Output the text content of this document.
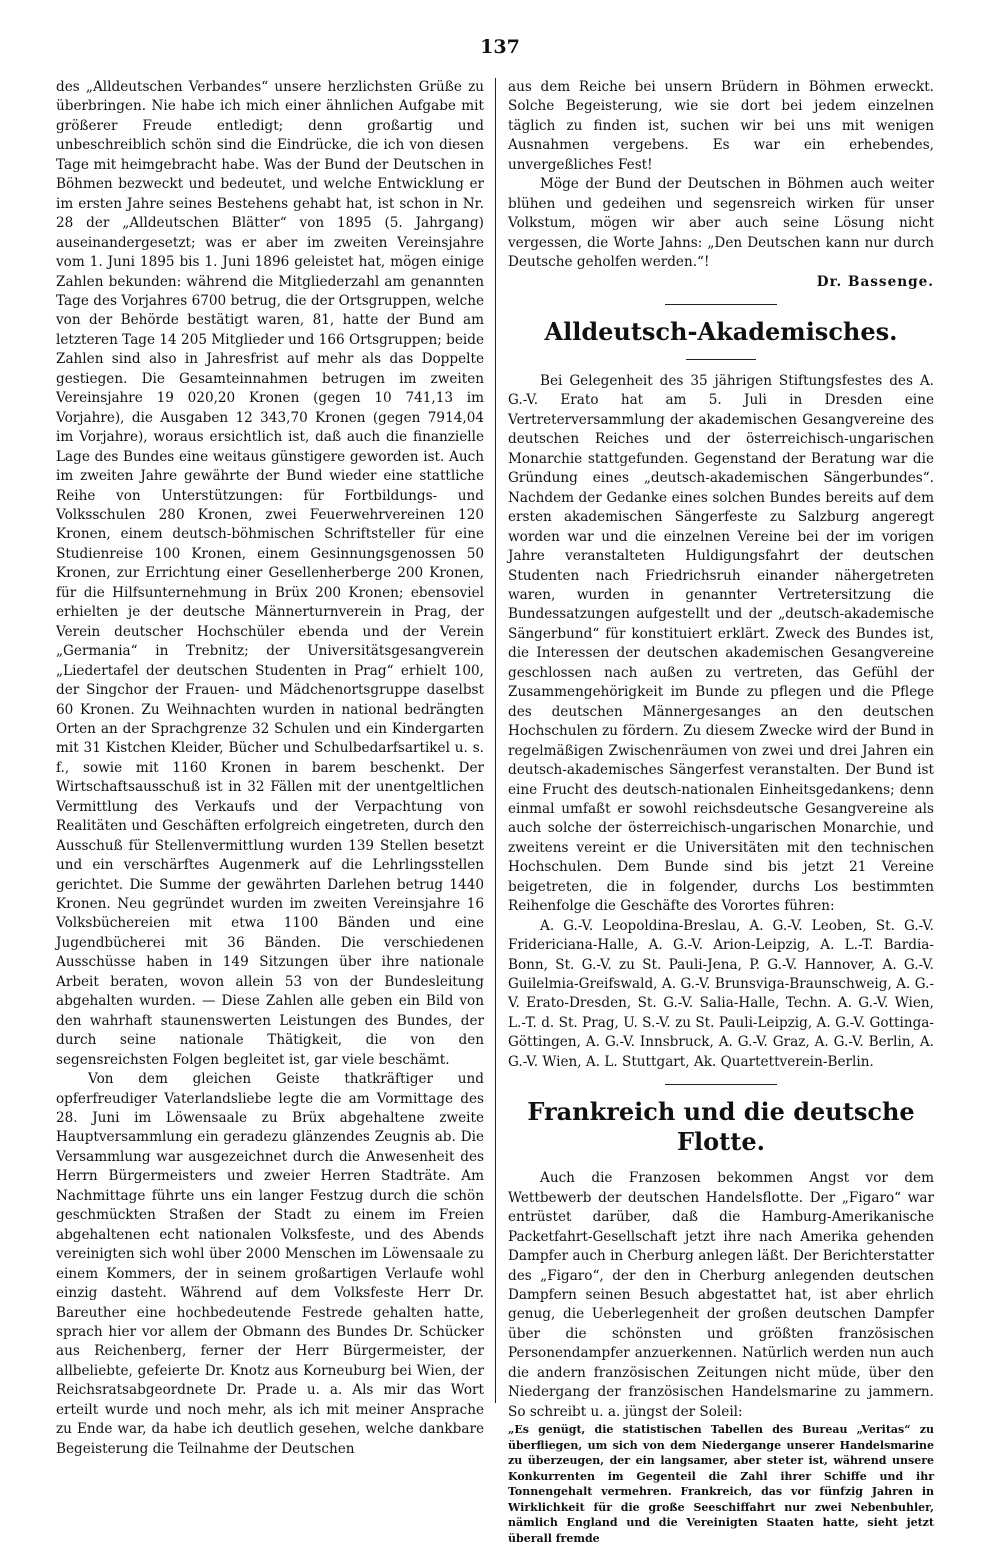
137

des „Alldeutschen Verbandes“ unsere herzlichsten Grüße zu überbringen. Nie habe ich mich einer ähnlichen Aufgabe mit größerer Freude entledigt; denn großartig und unbeschreiblich schön sind die Eindrücke, die ich von diesen Tage mit heimgebracht habe. Was der Bund der Deutschen in Böhmen bezweckt und bedeutet, und welche Entwicklung er im ersten Jahre seines Bestehens gehabt hat, ist schon in Nr. 28 der „Alldeutschen Blätter“ von 1895 (5. Jahrgang) auseinandergesetzt; was er aber im zweiten Vereinsjahre vom 1. Juni 1895 bis 1. Juni 1896 geleistet hat, mögen einige Zahlen bekunden: während die Mitgliederzahl am genannten Tage des Vorjahres 6700 betrug, die der Ortsgruppen, welche von der Behörde bestätigt waren, 81, hatte der Bund am letzteren Tage 14 205 Mitglieder und 166 Ortsgruppen; beide Zahlen sind also in Jahresfrist auf mehr als das Doppelte gestiegen. Die Gesamteinnahmen betrugen im zweiten Vereinsjahre 19 020,20 Kronen (gegen 10 741,13 im Vorjahre), die Ausgaben 12 343,70 Kronen (gegen 7914,04 im Vorjahre), woraus ersichtlich ist, daß auch die finanzielle Lage des Bundes eine weitaus günstigere geworden ist. Auch im zweiten Jahre gewährte der Bund wieder eine stattliche Reihe von Unterstützungen: für Fortbildungs- und Volksschulen 280 Kronen, zwei Feuerwehrvereinen 120 Kronen, einem deutsch-böhmischen Schriftsteller für eine Studienreise 100 Kronen, einem Gesinnungsgenossen 50 Kronen, zur Errichtung einer Gesellenherberge 200 Kronen, für die Hilfsunternehmung in Brüx 200 Kronen; ebensoviel erhielten je der deutsche Männerturnverein in Prag, der Verein deutscher Hochschüler ebenda und der Verein „Germania“ in Trebnitz; der Universitätsgesangverein „Liedertafel der deutschen Studenten in Prag“ erhielt 100, der Singchor der Frauen- und Mädchenortsgruppe daselbst 60 Kronen. Zu Weihnachten wurden in national bedrängten Orten an der Sprachgrenze 32 Schulen und ein Kindergarten mit 31 Kistchen Kleider, Bücher und Schulbedarfsartikel u. s. f., sowie mit 1160 Kronen in barem beschenkt. Der Wirtschaftsausschuß ist in 32 Fällen mit der unentgeltlichen Vermittlung des Verkaufs und der Verpachtung von Realitäten und Geschäften erfolgreich eingetreten, durch den Ausschuß für Stellenvermittlung wurden 139 Stellen besetzt und ein verschärftes Augenmerk auf die Lehrlingsstellen gerichtet. Die Summe der gewährten Darlehen betrug 1440 Kronen. Neu gegründet wurden im zweiten Vereinsjahre 16 Volksbüchereien mit etwa 1100 Bänden und eine Jugendbücherei mit 36 Bänden. Die verschiedenen Ausschüsse haben in 149 Sitzungen über ihre nationale Arbeit beraten, wovon allein 53 von der Bundesleitung abgehalten wurden. — Diese Zahlen alle geben ein Bild von den wahrhaft staunenswerten Leistungen des Bundes, der durch seine nationale Thätigkeit, die von den segensreichsten Folgen begleitet ist, gar viele beschämt.

Von dem gleichen Geiste thatkräftiger und opferfreudiger Vaterlandsliebe legte die am Vormittage des 28. Juni im Löwensaale zu Brüx abgehaltene zweite Hauptversammlung ein geradezu glänzendes Zeugnis ab. Die Versammlung war ausgezeichnet durch die Anwesenheit des Herrn Bürgermeisters und zweier Herren Stadträte. Am Nachmittage führte uns ein langer Festzug durch die schön geschmückten Straßen der Stadt zu einem im Freien abgehaltenen echt nationalen Volksfeste, und des Abends vereinigten sich wohl über 2000 Menschen im Löwensaale zu einem Kommers, der in seinem großartigen Verlaufe wohl einzig dasteht. Während auf dem Volksfeste Herr Dr. Bareuther eine hochbedeutende Festrede gehalten hatte, sprach hier vor allem der Obmann des Bundes Dr. Schücker aus Reichenberg, ferner der Herr Bürgermeister, der allbeliebte, gefeierte Dr. Knotz aus Korneuburg bei Wien, der Reichsratsabgeordnete Dr. Prade u. a. Als mir das Wort erteilt wurde und noch mehr, als ich mit meiner Ansprache zu Ende war, da habe ich deutlich gesehen, welche dankbare Begeisterung die Teilnahme der Deutschen

aus dem Reiche bei unsern Brüdern in Böhmen erweckt. Solche Begeisterung, wie sie dort bei jedem einzelnen täglich zu finden ist, suchen wir bei uns mit wenigen Ausnahmen vergebens. Es war ein erhebendes, unvergeßliches Fest!

Möge der Bund der Deutschen in Böhmen auch weiter blühen und gedeihen und segensreich wirken für unser Volkstum, mögen wir aber auch seine Lösung nicht vergessen, die Worte Jahns: „Den Deutschen kann nur durch Deutsche geholfen werden.“!

Dr. Bassenge.
Alldeutsch-Akademisches.

Bei Gelegenheit des 35 jährigen Stiftungsfestes des A. G.-V. Erato hat am 5. Juli in Dresden eine Vertreterversammlung der akademischen Gesangvereine des deutschen Reiches und der österreichisch-ungarischen Monarchie stattgefunden. Gegenstand der Beratung war die Gründung eines „deutsch-akademischen Sängerbundes“. Nachdem der Gedanke eines solchen Bundes bereits auf dem ersten akademischen Sängerfeste zu Salzburg angeregt worden war und die einzelnen Vereine bei der im vorigen Jahre veranstalteten Huldigungsfahrt der deutschen Studenten nach Friedrichsruh einander nähergetreten waren, wurden in genannter Vertretersitzung die Bundessatzungen aufgestellt und der „deutsch-akademische Sängerbund“ für konstituiert erklärt. Zweck des Bundes ist, die Interessen der deutschen akademischen Gesangvereine geschlossen nach außen zu vertreten, das Gefühl der Zusammengehörigkeit im Bunde zu pflegen und die Pflege des deutschen Männergesanges an den deutschen Hochschulen zu fördern. Zu diesem Zwecke wird der Bund in regelmäßigen Zwischenräumen von zwei und drei Jahren ein deutsch-akademisches Sängerfest veranstalten. Der Bund ist eine Frucht des deutsch-nationalen Einheitsgedankens; denn einmal umfaßt er sowohl reichsdeutsche Gesangvereine als auch solche der österreichisch-ungarischen Monarchie, und zweitens vereint er die Universitäten mit den technischen Hochschulen. Dem Bunde sind bis jetzt 21 Vereine beigetreten, die in folgender, durchs Los bestimmten Reihenfolge die Geschäfte des Vorortes führen:

A. G.-V. Leopoldina-Breslau, A. G.-V. Leoben, St. G.-V. Fridericiana-Halle, A. G.-V. Arion-Leipzig, A. L.-T. Bardia-Bonn, St. G.-V. zu St. Pauli-Jena, P. G.-V. Hannover, A. G.-V. Guilelmia-Greifswald, A. G.-V. Brunsviga-Braunschweig, A. G.-V. Erato-Dresden, St. G.-V. Salia-Halle, Techn. A. G.-V. Wien, L.-T. d. St. Prag, U. S.-V. zu St. Pauli-Leipzig, A. G.-V. Gottinga-Göttingen, A. G.-V. Innsbruck, A. G.-V. Graz, A. G.-V. Berlin, A. G.-V. Wien, A. L. Stuttgart, Ak. Quartettverein-Berlin.

Frankreich und die deutsche Flotte.

Auch die Franzosen bekommen Angst vor dem Wettbewerb der deutschen Handelsflotte. Der „Figaro“ war entrüstet darüber, daß die Hamburg-Amerikanische Packetfahrt-Gesellschaft jetzt ihre nach Amerika gehenden Dampfer auch in Cherburg anlegen läßt. Der Berichterstatter des „Figaro“, der den in Cherburg anlegenden deutschen Dampfern seinen Besuch abgestattet hat, ist aber ehrlich genug, die Ueberlegenheit der großen deutschen Dampfer über die schönsten und größten französischen Personendampfer anzuerkennen. Natürlich werden nun auch die andern französischen Zeitungen nicht müde, über den Niedergang der französischen Handelsmarine zu jammern. So schreibt u. a. jüngst der Soleil:

„Es genügt, die statistischen Tabellen des Bureau „Veritas“ zu überfliegen, um sich von dem Niedergange unserer Handelsmarine zu überzeugen, der ein langsamer, aber steter ist, während unsere Konkurrenten im Gegenteil die Zahl ihrer Schiffe und ihr Tonnengehalt vermehren. Frankreich, das vor fünfzig Jahren in Wirklichkeit für die große Seeschiffahrt nur zwei Nebenbuhler, nämlich England und die Vereinigten Staaten hatte, sieht jetzt überall fremde
